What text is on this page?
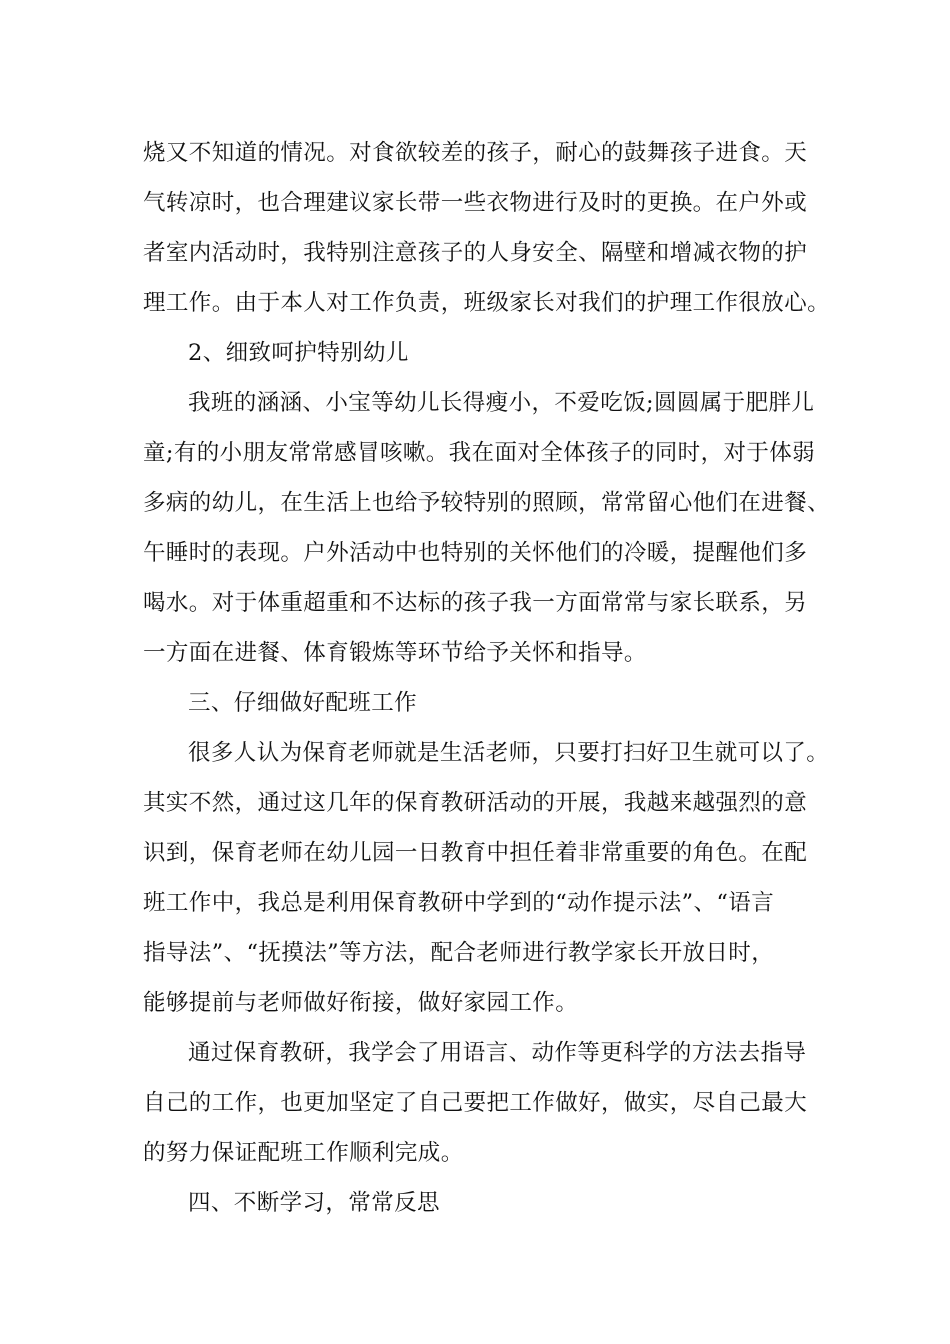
烧又不知道的情况。对食欲较差的孩子，耐心的鼓舞孩子进食。天
气转凉时，也合理建议家长带一些衣物进行及时的更换。在户外或
者室内活动时，我特别注意孩子的人身安全、隔壁和增减衣物的护
理工作。由于本人对工作负责，班级家长对我们的护理工作很放心。
2、细致呵护特别幼儿
我班的涵涵、小宝等幼儿长得瘦小，不爱吃饭;圆圆属于肥胖儿
童;有的小朋友常常感冒咳嗽。我在面对全体孩子的同时，对于体弱
多病的幼儿，在生活上也给予较特别的照顾，常常留心他们在进餐、
午睡时的表现。户外活动中也特别的关怀他们的冷暖，提醒他们多
喝水。对于体重超重和不达标的孩子我一方面常常与家长联系，另
一方面在进餐、体育锻炼等环节给予关怀和指导。
三、仔细做好配班工作
很多人认为保育老师就是生活老师，只要打扫好卫生就可以了。
其实不然，通过这几年的保育教研活动的开展，我越来越强烈的意
识到，保育老师在幼儿园一日教育中担任着非常重要的角色。在配
班工作中，我总是利用保育教研中学到的“动作提示法”、“语言
指导法”、“抚摸法”等方法，配合老师进行教学家长开放日时，
能够提前与老师做好衔接，做好家园工作。
通过保育教研，我学会了用语言、动作等更科学的方法去指导
自己的工作，也更加坚定了自己要把工作做好，做实，尽自己最大
的努力保证配班工作顺利完成。
四、不断学习，常常反思
